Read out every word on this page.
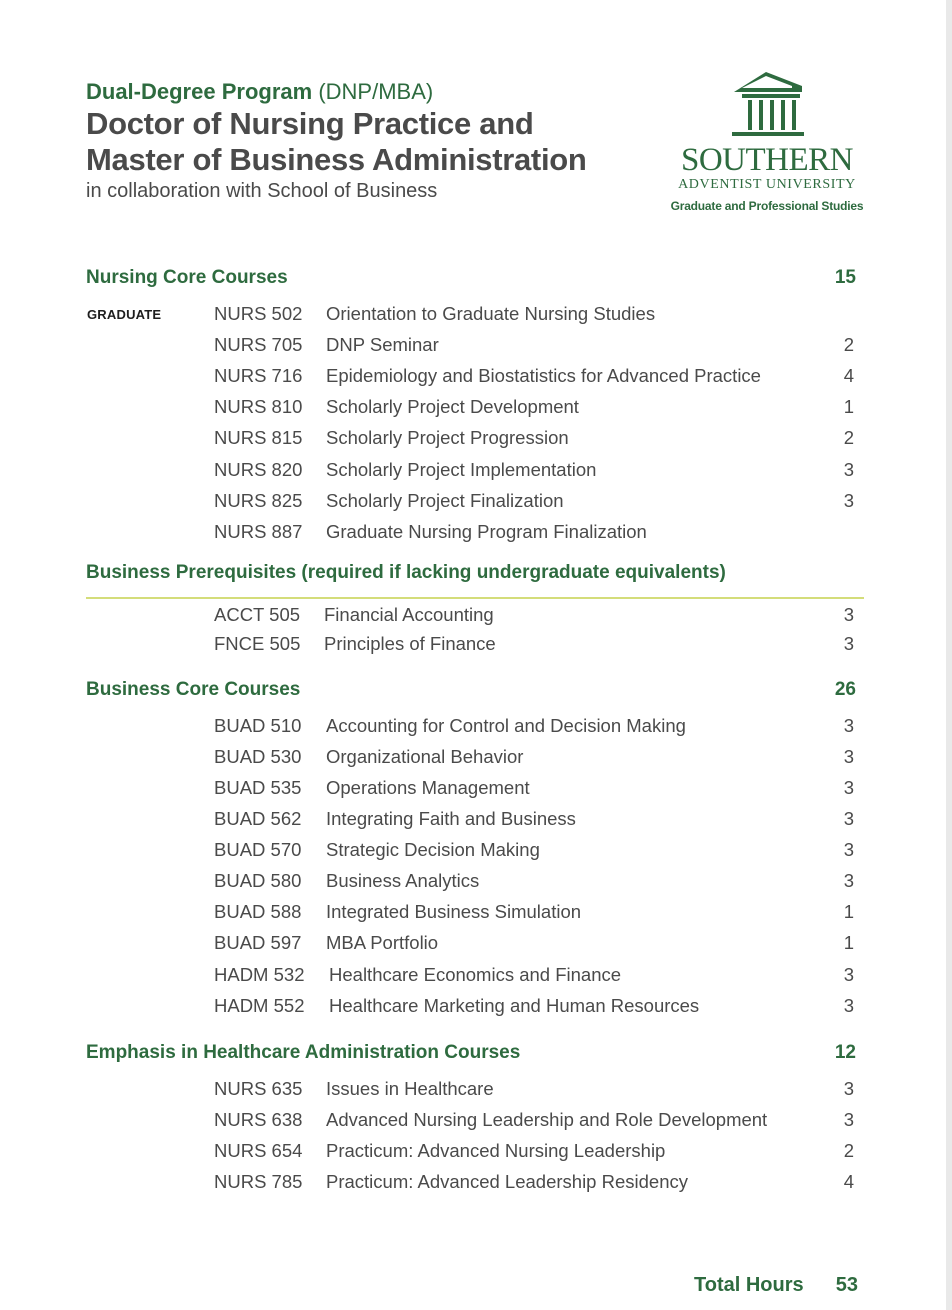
Dual-Degree Program (DNP/MBA)
Doctor of Nursing Practice and
Master of Business Administration
in collaboration with School of Business
SOUTHERN
ADVENTIST UNIVERSITY
Graduate and Professional Studies
Nursing Core Courses	15
GRADUATE	NURS 502 Orientation to Graduate Nursing Studies
NURS 705 DNP Seminar	2
NURS 716 Epidemiology and Biostatistics for Advanced Practice	4
NURS 810 Scholarly Project Development	1
NURS 815 Scholarly Project Progression	2
NURS 820 Scholarly Project Implementation	3
NURS 825 Scholarly Project Finalization	3
NURS 887 Graduate Nursing Program Finalization
Business Prerequisites (required if lacking undergraduate equivalents)
ACCT 505 Financial Accounting	3
FNCE 505 Principles of Finance	3
Business Core Courses	26
BUAD 510 Accounting for Control and Decision Making	3
BUAD 530 Organizational Behavior	3
BUAD 535 Operations Management	3
BUAD 562 Integrating Faith and Business	3
BUAD 570 Strategic Decision Making	3
BUAD 580 Business Analytics	3
BUAD 588 Integrated Business Simulation	1
BUAD 597 MBA Portfolio	1
HADM 532 Healthcare Economics and Finance	3
HADM 552 Healthcare Marketing and Human Resources	3
Emphasis in Healthcare Administration Courses	12
NURS 635 Issues in Healthcare	3
NURS 638 Advanced Nursing Leadership and Role Development	3
NURS 654 Practicum: Advanced Nursing Leadership	2
NURS 785 Practicum: Advanced Leadership Residency	4
Total Hours 53
